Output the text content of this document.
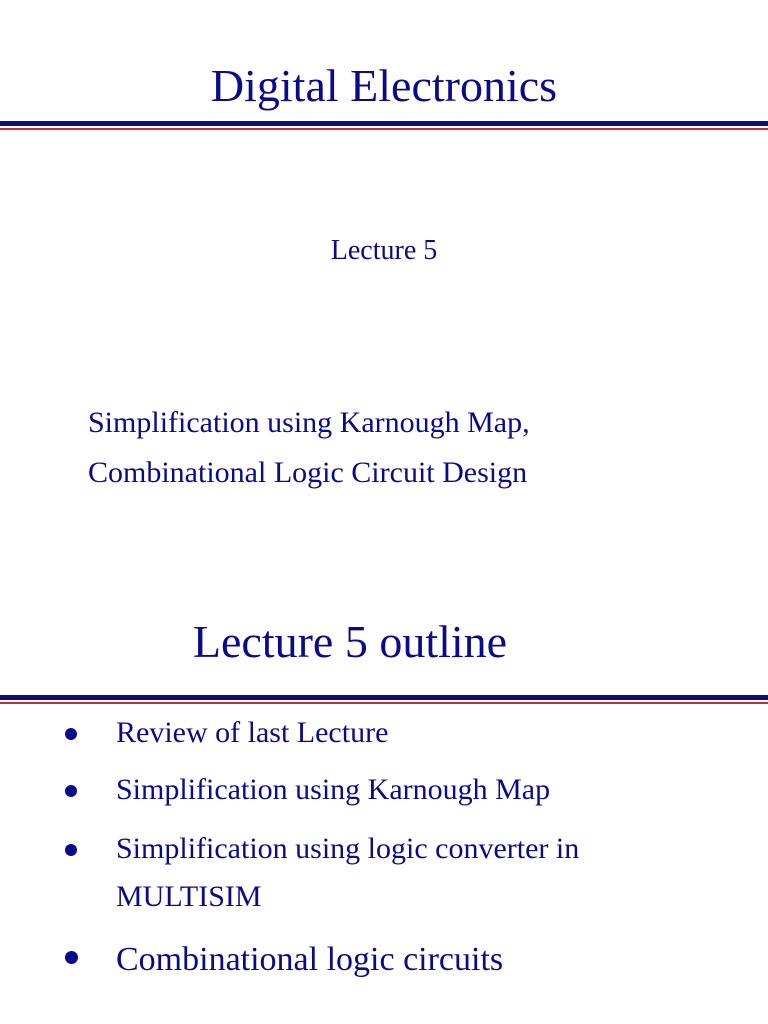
Digital Electronics
Lecture 5
Simplification using Karnough Map,
Combinational Logic Circuit Design
Lecture 5 outline
Review of last Lecture
Simplification using Karnough Map
Simplification using logic converter in MULTISIM
Combinational logic circuits
